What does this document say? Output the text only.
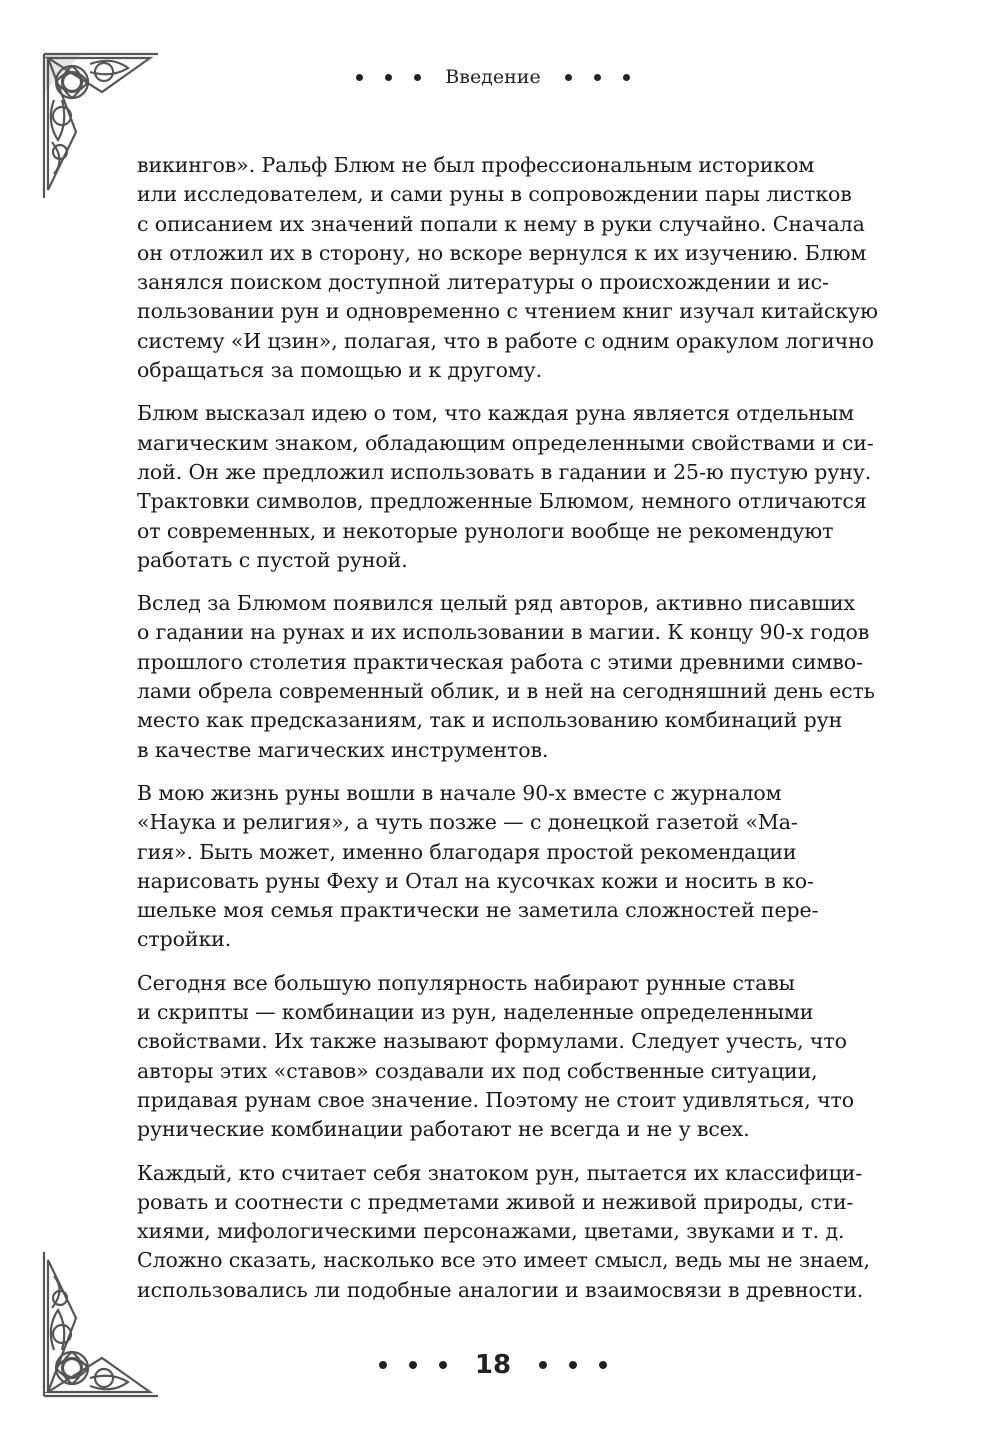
Введение

викингов». Ральф Блюм не был профессиональным историком
или исследователем, и сами руны в сопровождении пары листков
с описанием их значений попали к нему в руки случайно. Сначала
он отложил их в сторону, но вскоре вернулся к их изучению. Блюм
занялся поиском доступной литературы о происхождении и ис-
пользовании рун и одновременно с чтением книг изучал китайскую
систему «И цзин», полагая, что в работе с одним оракулом логично
обращаться за помощью и к другому.

Блюм высказал идею о том, что каждая руна является отдельным
магическим знаком, обладающим определенными свойствами и си-
лой. Он же предложил использовать в гадании и 25-ю пустую руну.
Трактовки символов, предложенные Блюмом, немного отличаются
от современных, и некоторые рунологи вообще не рекомендуют
работать с пустой руной.

Вслед за Блюмом появился целый ряд авторов, активно писавших
о гадании на рунах и их использовании в магии. К концу 90-х годов
прошлого столетия практическая работа с этими древними симво-
лами обрела современный облик, и в ней на сегодняшний день есть
место как предсказаниям, так и использованию комбинаций рун
в качестве магических инструментов.

В мою жизнь руны вошли в начале 90-х вместе с журналом
«Наука и религия», а чуть позже — с донецкой газетой «Ма-
гия». Быть может, именно благодаря простой рекомендации
нарисовать руны Феху и Отал на кусочках кожи и носить в ко-
шельке моя семья практически не заметила сложностей пере-
стройки.

Сегодня все большую популярность набирают рунные ставы
и скрипты — комбинации из рун, наделенные определенными
свойствами. Их также называют формулами. Следует учесть, что
авторы этих «ставов» создавали их под собственные ситуации,
придавая рунам свое значение. Поэтому не стоит удивляться, что
рунические комбинации работают не всегда и не у всех.

Каждый, кто считает себя знатоком рун, пытается их классифици-
ровать и соотнести с предметами живой и неживой природы, сти-
хиями, мифологическими персонажами, цветами, звуками и т. д.
Сложно сказать, насколько все это имеет смысл, ведь мы не знаем,
использовались ли подобные аналогии и взаимосвязи в древности.

18
